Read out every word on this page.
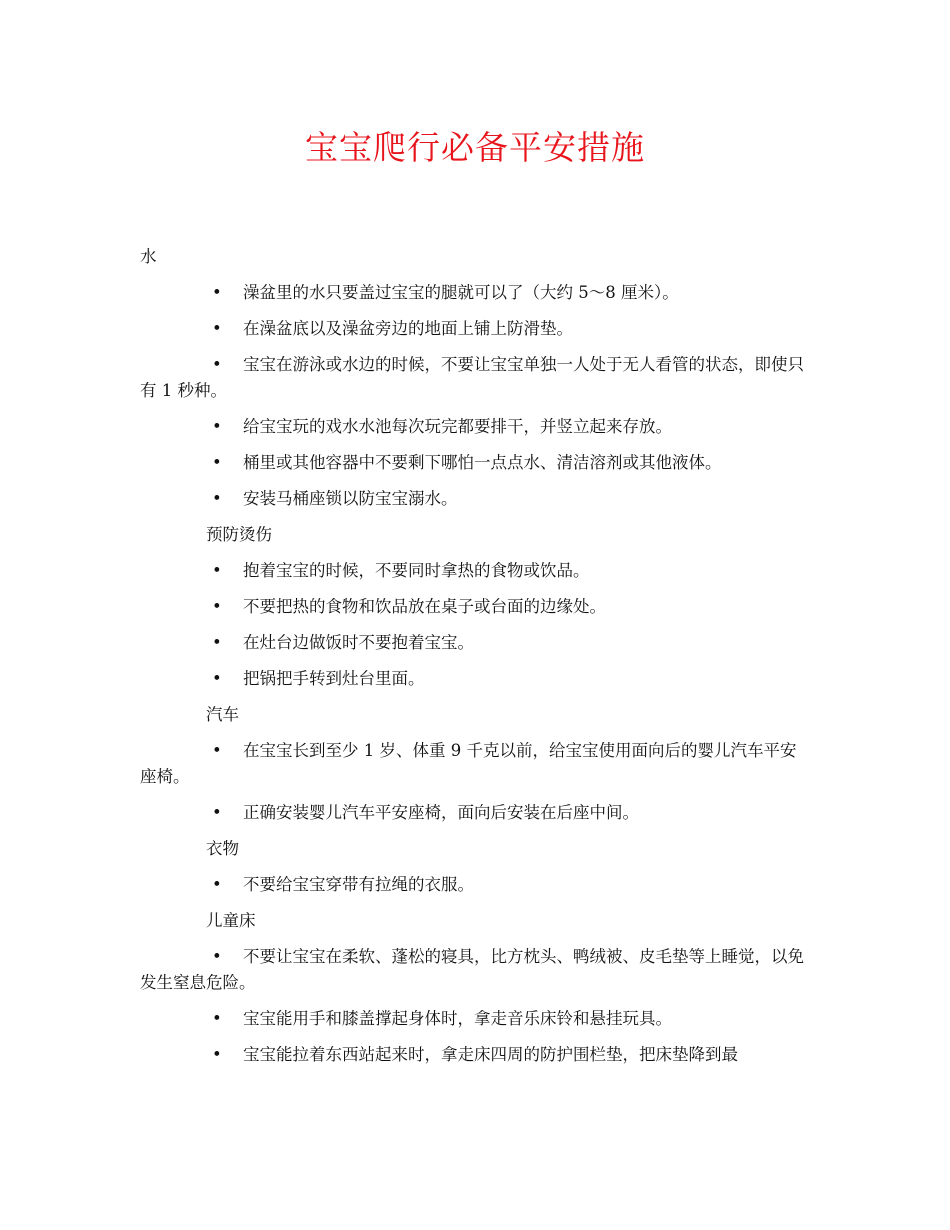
宝宝爬行必备平安措施
水
•	澡盆里的水只要盖过宝宝的腿就可以了（大约 5～8 厘米）。
•	在澡盆底以及澡盆旁边的地面上铺上防滑垫。
• 宝宝在游泳或水边的时候，不要让宝宝单独一人处于无人看管的状态，即使只有 1 秒种。
•	给宝宝玩的戏水水池每次玩完都要排干，并竖立起来存放。
•	桶里或其他容器中不要剩下哪怕一点点水、清洁溶剂或其他液体。
•	安装马桶座锁以防宝宝溺水。
预防烫伤
•	抱着宝宝的时候，不要同时拿热的食物或饮品。
•	不要把热的食物和饮品放在桌子或台面的边缘处。
•	在灶台边做饭时不要抱着宝宝。
•	把锅把手转到灶台里面。
汽车
• 在宝宝长到至少 1 岁、体重 9 千克以前，给宝宝使用面向后的婴儿汽车平安座椅。
•	正确安装婴儿汽车平安座椅，面向后安装在后座中间。
衣物
•	不要给宝宝穿带有拉绳的衣服。
儿童床
• 不要让宝宝在柔软、蓬松的寝具，比方枕头、鸭绒被、皮毛垫等上睡觉，以免发生窒息危险。
•	宝宝能用手和膝盖撑起身体时，拿走音乐床铃和悬挂玩具。
•	宝宝能拉着东西站起来时，拿走床四周的防护围栏垫，把床垫降到最
